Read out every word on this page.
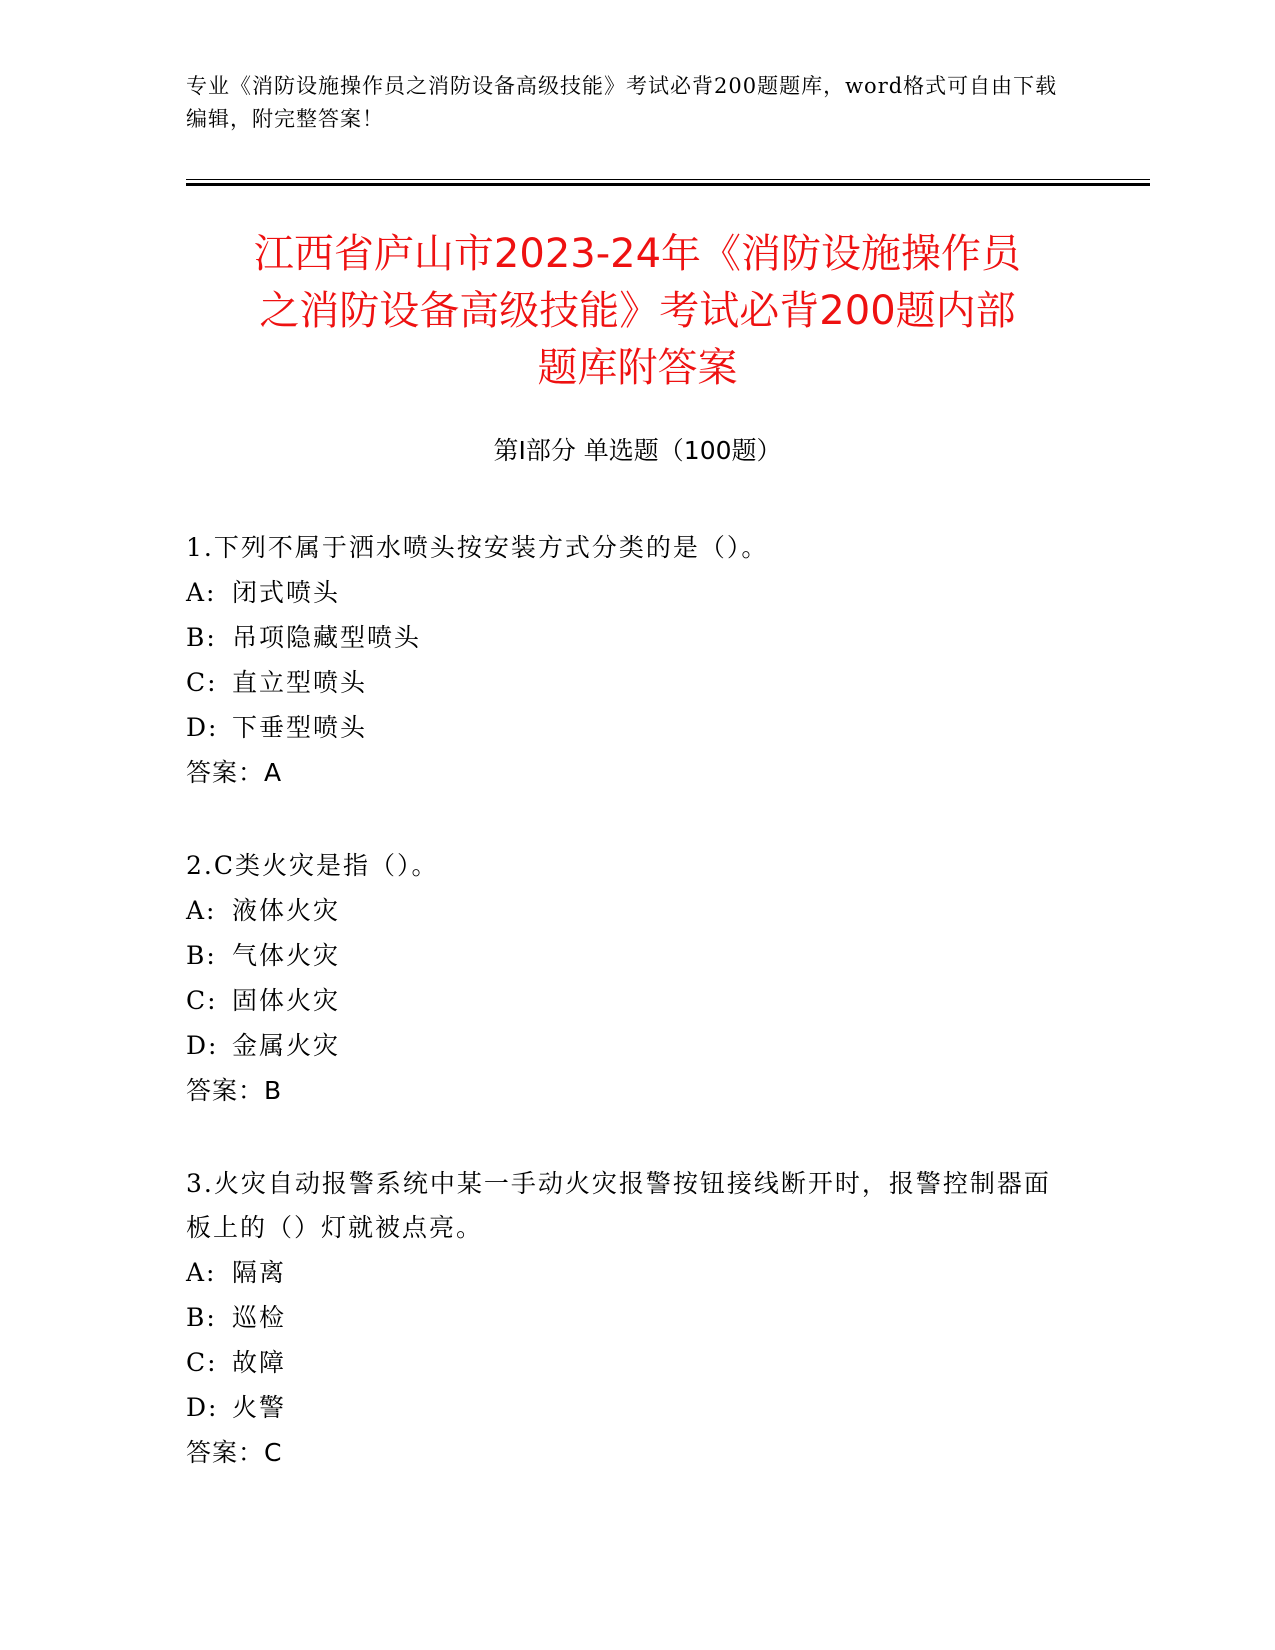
专业《消防设施操作员之消防设备高级技能》考试必背200题题库，word格式可自由下载编辑，附完整答案！
江西省庐山市2023-24年《消防设施操作员
之消防设备高级技能》考试必背200题内部
题库附答案
第I部分 单选题（100题）

1.下列不属于洒水喷头按安装方式分类的是（）。

A: 闭式喷头

B: 吊项隐藏型喷头

C: 直立型喷头

D: 下垂型喷头

答案：A

2.C类火灾是指（）。

A: 液体火灾

B: 气体火灾

C: 固体火灾

D: 金属火灾

答案：B

3.火灾自动报警系统中某一手动火灾报警按钮接线断开时，报警控制器面板上的（）灯就被点亮。

A: 隔离

B: 巡检

C: 故障

D: 火警

答案：C
